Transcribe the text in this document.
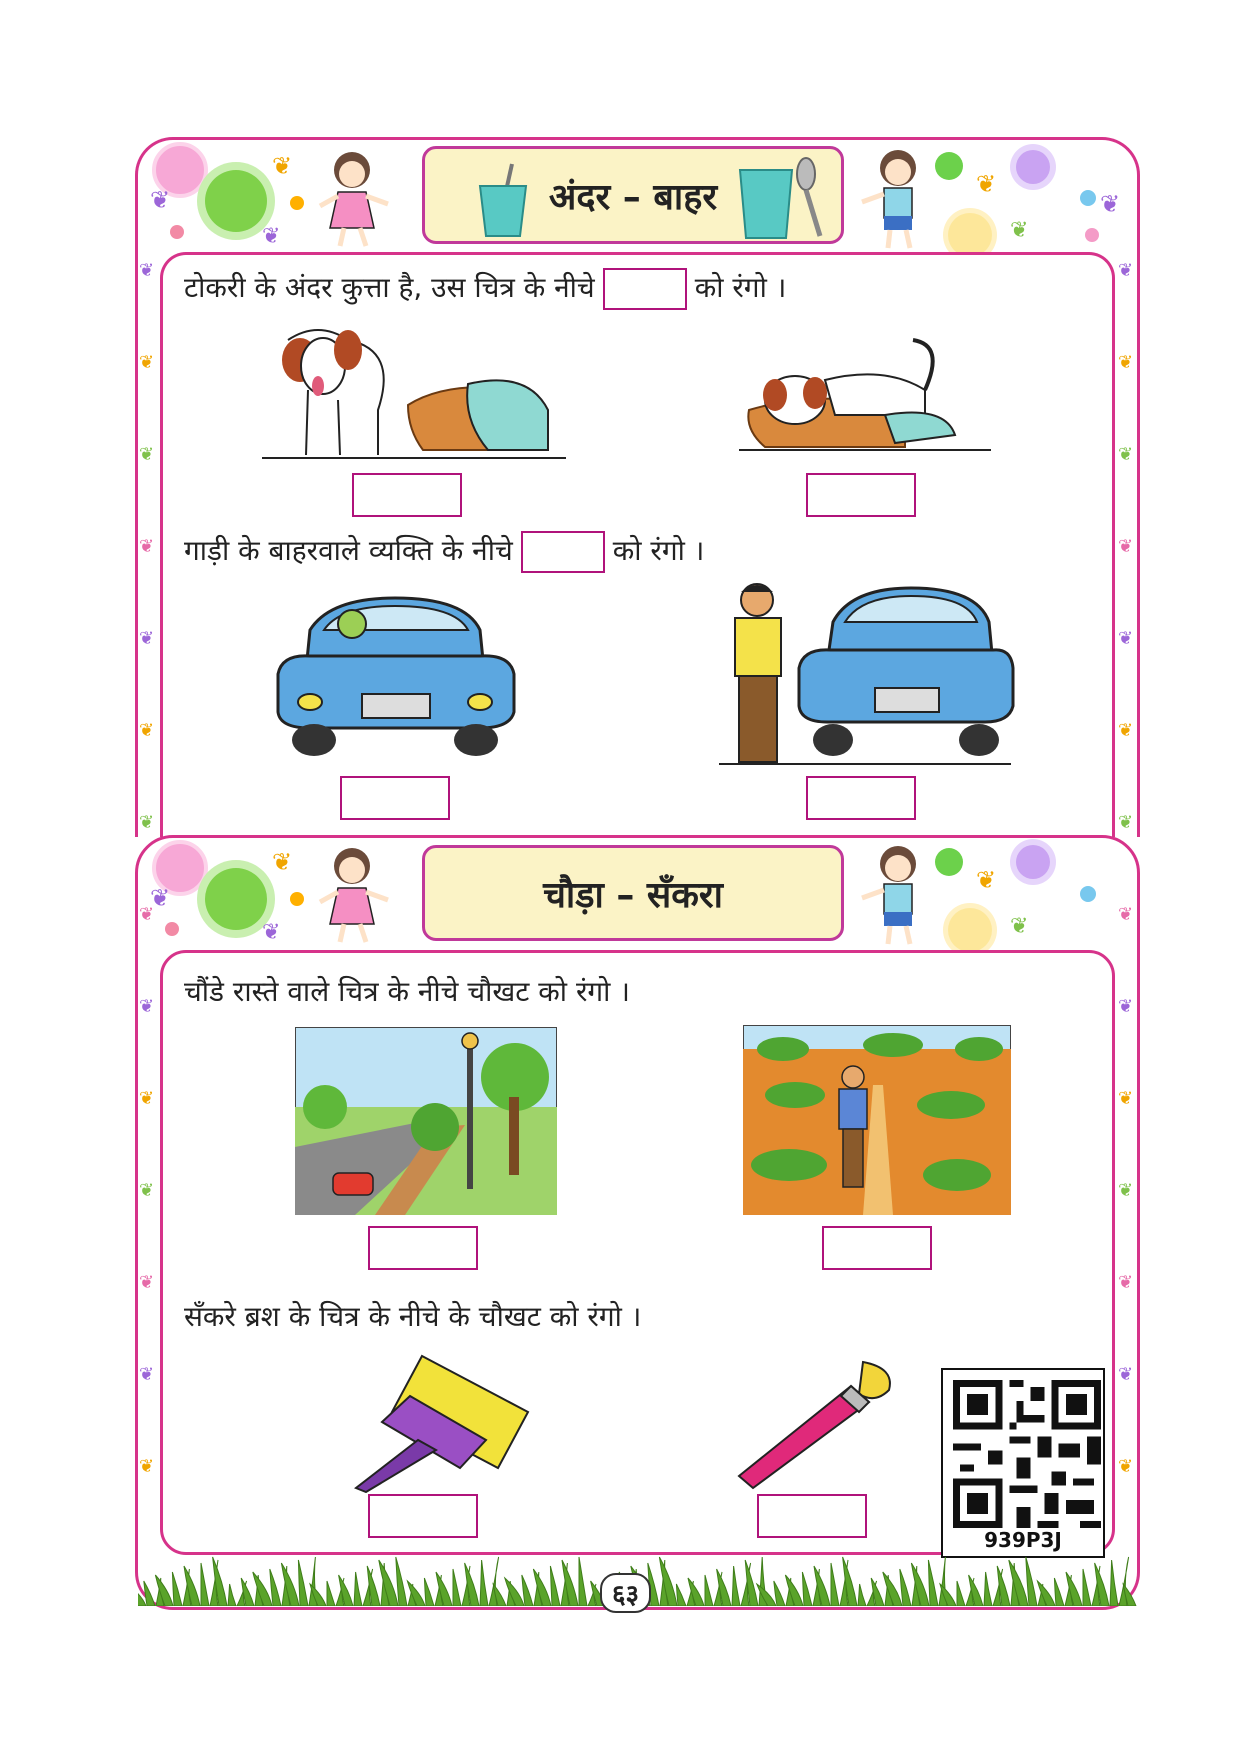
❦
❦
❦
❦
❦
❦
अंदर – बाहर
टोकरी के अंदर कुत्ता है, उस चित्र के नीचे	को रंगो ।
गाड़ी के बाहरवाले व्यक्ति के नीचे	को रंगो ।
❦
❦
❦
❦
❦
चौड़ा – सँकरा
चौंडे रास्ते वाले चित्र के नीचे चौखट को रंगो ।
सँकरे ब्रश के चित्र के नीचे के चौखट को रंगो ।
939P3J
६३
❦
❦
❦
❦
❦
❦
❦
❦
❦
❦
❦
❦
❦
❦
❦
❦
❦
❦
❦
❦
❦
❦
❦
❦
❦
❦
❦
❦
